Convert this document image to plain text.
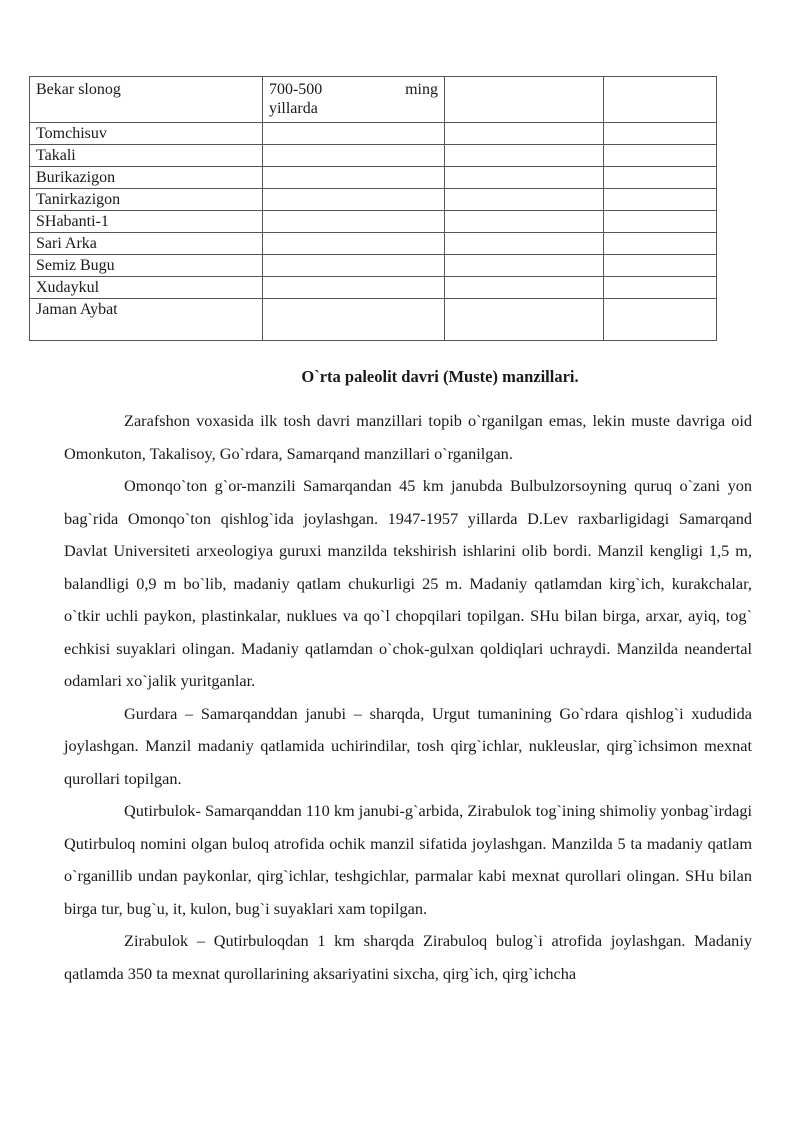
Bekar slonog	700-500 ming
yillarda		

Tomchisuv			
Takali			
Burikazigon			
Tanirkazigon			
SHabanti-1			
Sari Arka			
Semiz Bugu			
Xudaykul			
Jaman Aybat			
O`rta paleolit davri (Muste) manzillari.

Zarafshon voxasida ilk tosh davri manzillari topib o`rganilgan emas, lekin muste davriga oid Omonkuton, Takalisoy, Go`rdara, Samarqand manzillari o`rganilgan.

Omonqo`ton g`or-manzili Samarqandan 45 km janubda Bulbulzorsoyning quruq o`zani yon bag`rida Omonqo`ton qishlog`ida joylashgan. 1947-1957 yillarda D.Lev raxbarligidagi Samarqand Davlat Universiteti arxeologiya guruxi manzilda tekshirish ishlarini olib bordi. Manzil kengligi 1,5 m, balandligi 0,9 m bo`lib, madaniy qatlam chukurligi 25 m. Madaniy qatlamdan kirg`ich, kurakchalar, o`tkir uchli paykon, plastinkalar, nuklues va qo`l chopqilari topilgan. SHu bilan birga, arxar, ayiq, tog` echkisi suyaklari olingan. Madaniy qatlamdan o`chok-gulxan qoldiqlari uchraydi. Manzilda neandertal odamlari xo`jalik yuritganlar.

Gurdara – Samarqanddan janubi – sharqda, Urgut tumanining Go`rdara qishlog`i xududida joylashgan. Manzil madaniy qatlamida uchirindilar, tosh qirg`ichlar, nukleuslar, qirg`ichsimon mexnat qurollari topilgan.

Qutirbulok- Samarqanddan 110 km janubi-g`arbida, Zirabulok tog`ining shimoliy yonbag`irdagi Qutirbuloq nomini olgan buloq atrofida ochik manzil sifatida joylashgan. Manzilda 5 ta madaniy qatlam o`rganillib undan paykonlar, qirg`ichlar, teshgichlar, parmalar kabi mexnat qurollari olingan. SHu bilan birga tur, bug`u, it, kulon, bug`i suyaklari xam topilgan.

Zirabulok – Qutirbuloqdan 1 km sharqda Zirabuloq bulog`i atrofida joylashgan. Madaniy qatlamda 350 ta mexnat qurollarining aksariyatini sixcha, qirg`ich, qirg`ichcha
